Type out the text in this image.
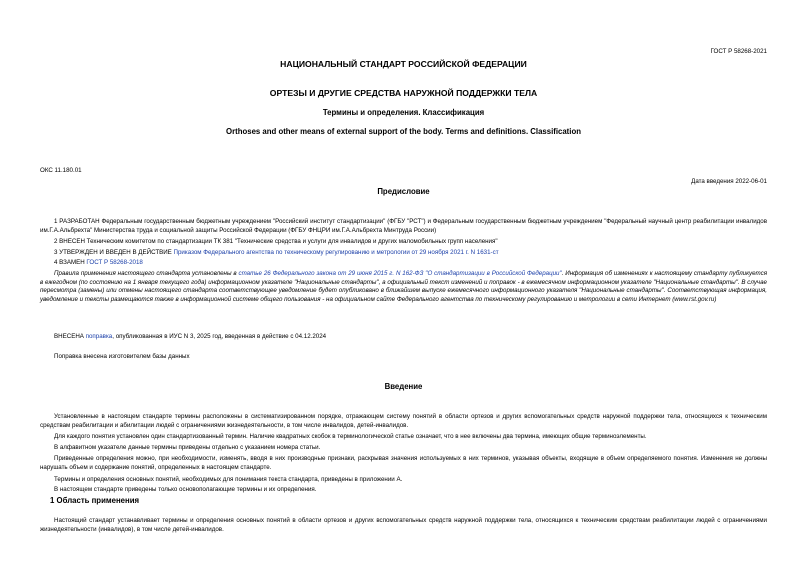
ГОСТ Р 58268-2021
НАЦИОНАЛЬНЫЙ СТАНДАРТ РОССИЙСКОЙ ФЕДЕРАЦИИ
ОРТЕЗЫ И ДРУГИЕ СРЕДСТВА НАРУЖНОЙ ПОДДЕРЖКИ ТЕЛА
Термины и определения. Классификация
Orthoses and other means of external support of the body. Terms and definitions. Classification
ОКС 11.180.01
Дата введения 2022-06-01
Предисловие
1 РАЗРАБОТАН Федеральным государственным бюджетным учреждением "Российский институт стандартизации" (ФГБУ "РСТ") и Федеральным государственным бюджетным учреждением "Федеральный научный центр реабилитации инвалидов им.Г.А.Альбрехта" Министерства труда и социальной защиты Российской Федерации (ФГБУ ФНЦРИ им.Г.А.Альбрехта Минтруда России)
2 ВНЕСЕН Техническим комитетом по стандартизации ТК 381 "Технические средства и услуги для инвалидов и других маломобильных групп населения"
3 УТВЕРЖДЕН И ВВЕДЕН В ДЕЙСТВИЕ Приказом Федерального агентства по техническому регулированию и метрологии от 29 ноября 2021 г. N 1631-ст
4 ВЗАМЕН ГОСТ Р 58268-2018
Правила применения настоящего стандарта установлены в статье 26 Федерального закона от 29 июня 2015 г. N 162-ФЗ "О стандартизации в Российской Федерации". Информация об изменениях к настоящему стандарту публикуется в ежегодном (по состоянию на 1 января текущего года) информационном указателе "Национальные стандарты", а официальный текст изменений и поправок - в ежемесячном информационном указателе "Национальные стандарты". В случае пересмотра (замены) или отмены настоящего стандарта соответствующее уведомление будет опубликовано в ближайшем выпуске ежемесячного информационного указателя "Национальные стандарты". Соответствующая информация, уведомление и тексты размещаются также в информационной системе общего пользования - на официальном сайте Федерального агентства по техническому регулированию и метрологии в сети Интернет (www.rst.gov.ru)
ВНЕСЕНА поправка, опубликованная в ИУС N 3, 2025 год, введенная в действие с 04.12.2024
Поправка внесена изготовителем базы данных
Введение
Установленные в настоящем стандарте термины расположены в систематизированном порядке, отражающем систему понятий в области ортезов и других вспомогательных средств наружной поддержки тела, относящихся к техническим средствам реабилитации и абилитации людей с ограничениями жизнедеятельности, в том числе инвалидов, детей-инвалидов.
Для каждого понятия установлен один стандартизованный термин. Наличие квадратных скобок в терминологической статье означает, что в нее включены два термина, имеющих общие терминоэлементы.
В алфавитном указателе данные термины приведены отдельно с указанием номера статьи.
Приведенные определения можно, при необходимости, изменять, вводя в них производные признаки, раскрывая значения используемых в них терминов, указывая объекты, входящие в объем определяемого понятия. Изменения не должны нарушать объем и содержание понятий, определенных в настоящем стандарте.
Термины и определения основных понятий, необходимых для понимания текста стандарта, приведены в приложении А.
В настоящем стандарте приведены только основополагающие термины и их определения.
1 Область применения
Настоящий стандарт устанавливает термины и определения основных понятий в области ортезов и других вспомогательных средств наружной поддержки тела, относящихся к техническим средствам реабилитации людей с ограничениями жизнедеятельности (инвалидов), в том числе детей-инвалидов.
